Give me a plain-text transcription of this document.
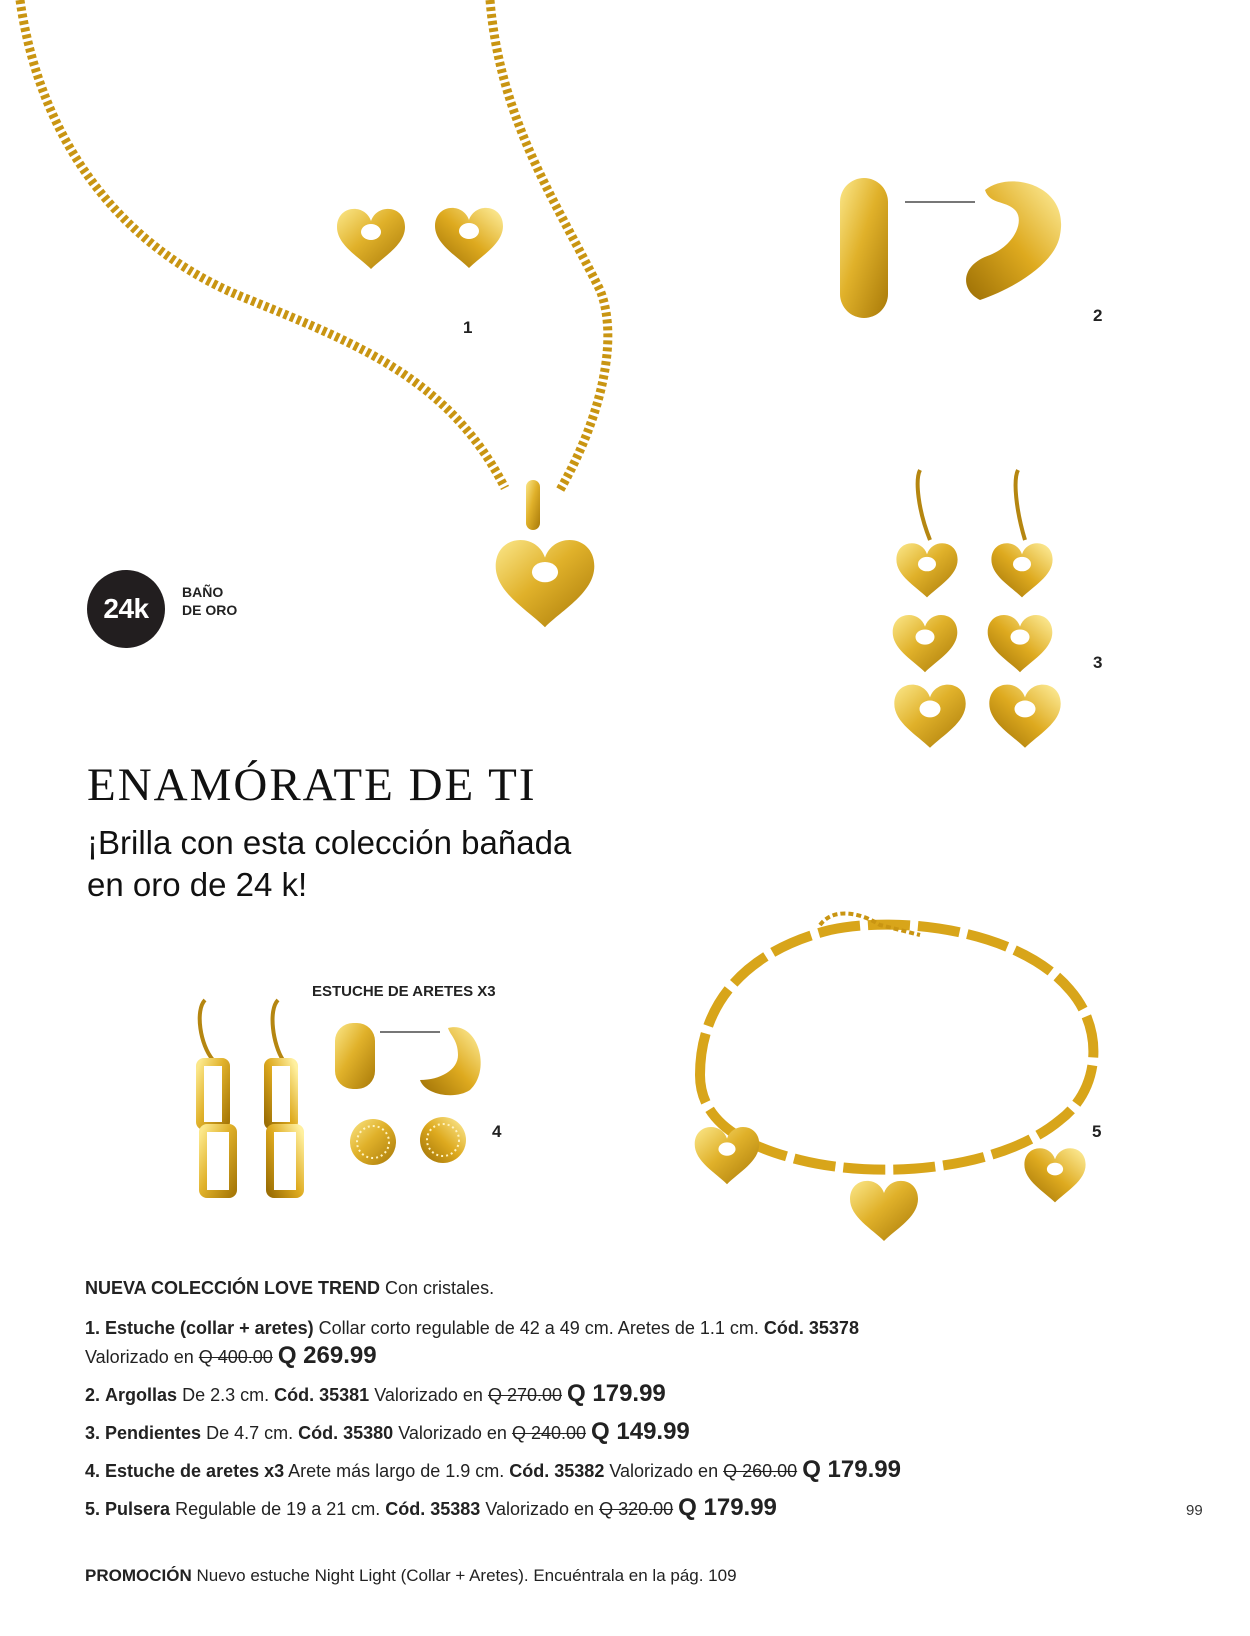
1
2
3
4	5
24k
BAÑO
DE ORO
ENAMÓRATE DE TI
¡Brilla con esta colección bañada
en oro de 24 k!
ESTUCHE DE ARETES X3
NUEVA COLECCIÓN LOVE TREND Con cristales.
1. Estuche (collar + aretes) Collar corto regulable de 42 a 49 cm. Aretes de 1.1 cm. Cód. 35378
Valorizado en Q 400.00 Q 269.99
2. Argollas De 2.3 cm. Cód. 35381 Valorizado en Q 270.00 Q 179.99
3. Pendientes De 4.7 cm. Cód. 35380 Valorizado en Q 240.00 Q 149.99
4. Estuche de aretes x3 Arete más largo de 1.9 cm. Cód. 35382 Valorizado en Q 260.00 Q 179.99
5. Pulsera Regulable de 19 a 21 cm. Cód. 35383 Valorizado en Q 320.00 Q 179.99	99
PROMOCIÓN Nuevo estuche Night Light (Collar + Aretes). Encuéntrala en la pág. 109
